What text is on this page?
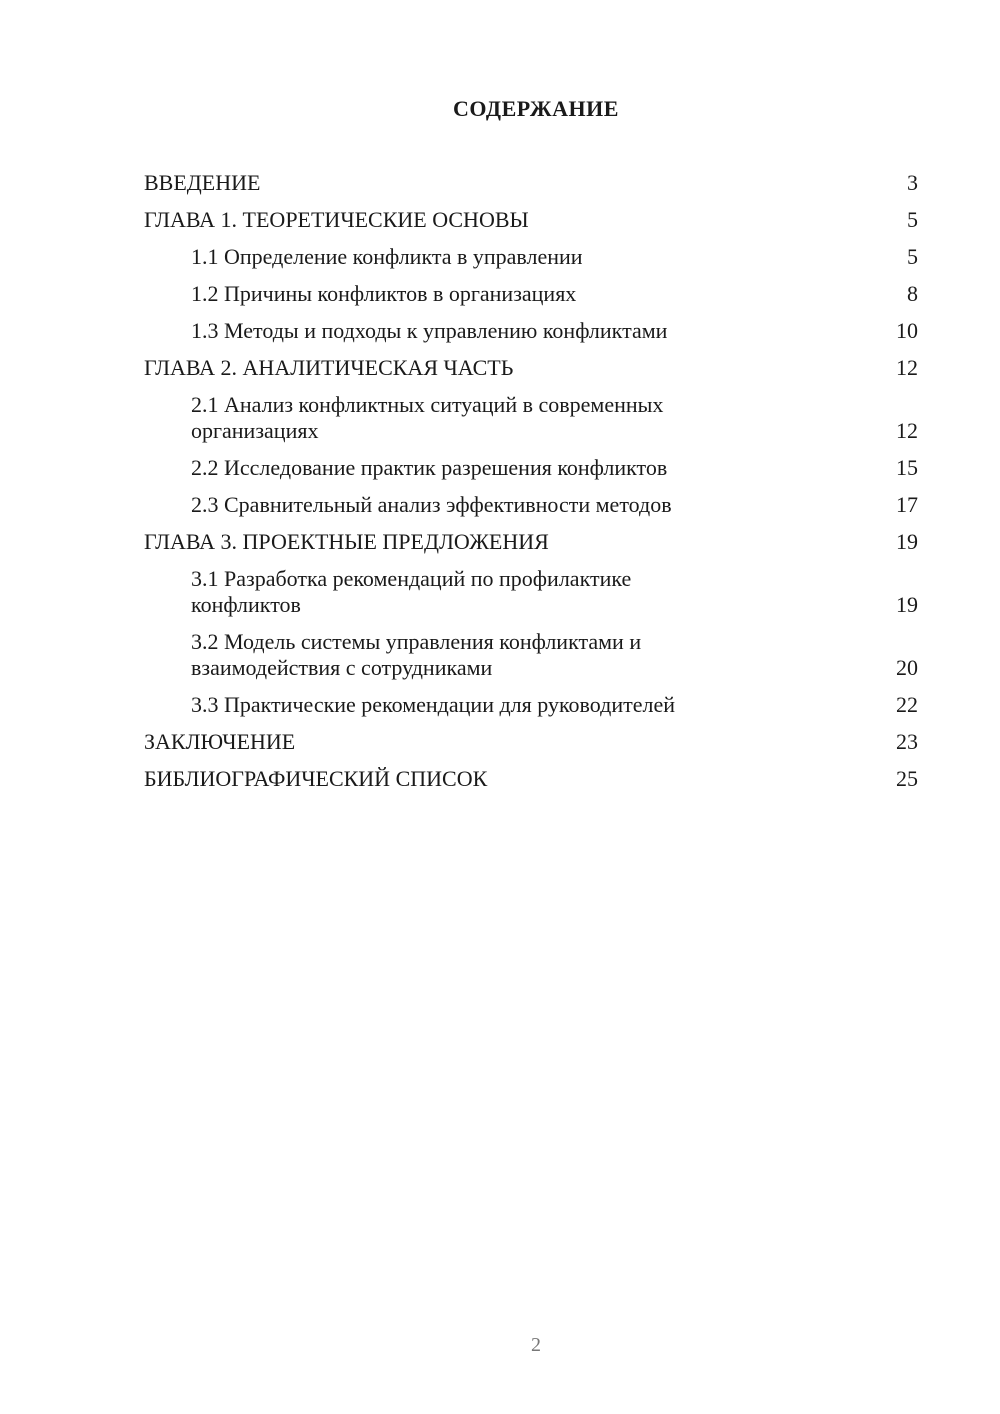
СОДЕРЖАНИЕ
ВВЕДЕНИЕ	3
ГЛАВА 1. ТЕОРЕТИЧЕСКИЕ ОСНОВЫ	5
1.1 Определение конфликта в управлении	5
1.2 Причины конфликтов в организациях	8
1.3 Методы и подходы к управлению конфликтами	10
ГЛАВА 2. АНАЛИТИЧЕСКАЯ ЧАСТЬ	12
2.1 Анализ конфликтных ситуаций в современных организациях	12
2.2 Исследование практик разрешения конфликтов	15
2.3 Сравнительный анализ эффективности методов	17
ГЛАВА 3. ПРОЕКТНЫЕ ПРЕДЛОЖЕНИЯ	19
3.1 Разработка рекомендаций по профилактике конфликтов	19
3.2 Модель системы управления конфликтами и взаимодействия с сотрудниками	20
3.3 Практические рекомендации для руководителей	22
ЗАКЛЮЧЕНИЕ	23
БИБЛИОГРАФИЧЕСКИЙ СПИСОК	25
2
